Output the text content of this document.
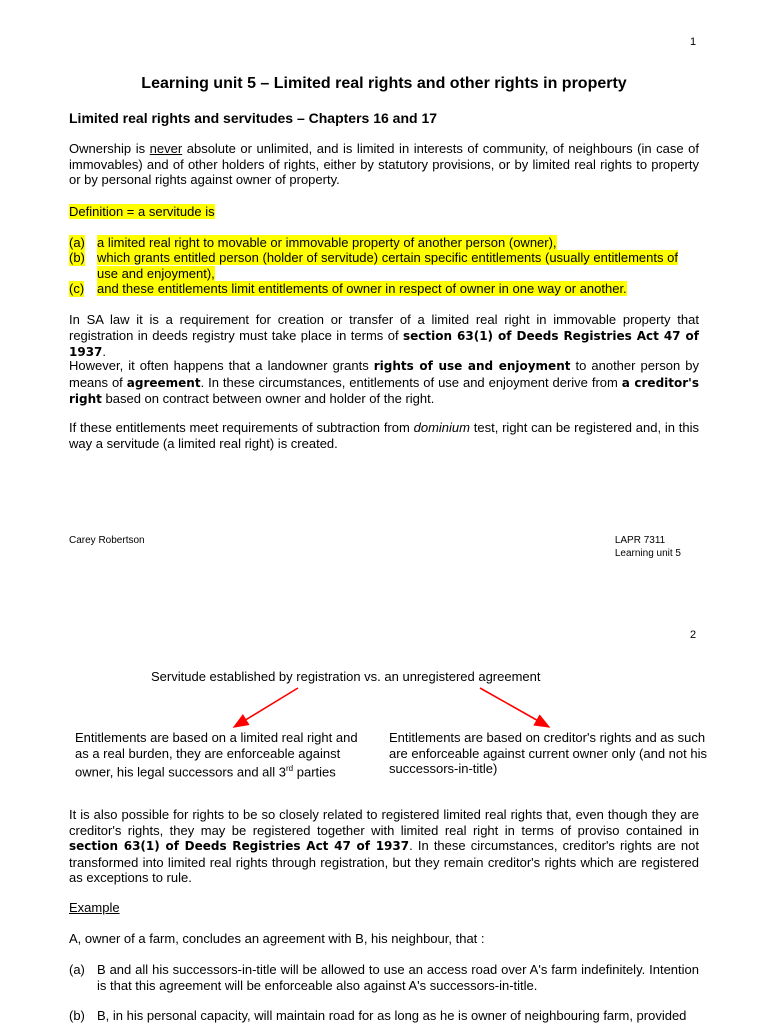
1
Learning unit 5 – Limited real rights and other rights in property
Limited real rights and servitudes – Chapters 16 and 17
Ownership is never absolute or unlimited, and is limited in interests of community, of neighbours (in case of immovables) and of other holders of rights, either by statutory provisions, or by limited real rights to property or by personal rights against owner of property.
Definition = a servitude is
(a) a limited real right to movable or immovable property of another person (owner),
(b) which grants entitled person (holder of servitude) certain specific entitlements (usually entitlements of use and enjoyment),
(c) and these entitlements limit entitlements of owner in respect of owner in one way or another.
In SA law it is a requirement for creation or transfer of a limited real right in immovable property that registration in deeds registry must take place in terms of section 63(1) of Deeds Registries Act 47 of 1937.
However, it often happens that a landowner grants rights of use and enjoyment to another person by means of agreement. In these circumstances, entitlements of use and enjoyment derive from a creditor's right based on contract between owner and holder of the right.
If these entitlements meet requirements of subtraction from dominium test, right can be registered and, in this way a servitude (a limited real right) is created.
Carey Robertson	LAPR 7311
Learning unit 5
2
Servitude established by registration vs. an unregistered agreement
Entitlements are based on a limited real right and as a real burden, they are enforceable against owner, his legal successors and all 3rd parties
Entitlements are based on creditor's rights and as such are enforceable against current owner only (and not his successors-in-title)
It is also possible for rights to be so closely related to registered limited real rights that, even though they are creditor's rights, they may be registered together with limited real right in terms of proviso contained in section 63(1) of Deeds Registries Act 47 of 1937. In these circumstances, creditor's rights are not transformed into limited real rights through registration, but they remain creditor's rights which are registered as exceptions to rule.
Example
A, owner of a farm, concludes an agreement with B, his neighbour, that :
(a) B and all his successors-in-title will be allowed to use an access road over A's farm indefinitely. Intention is that this agreement will be enforceable also against A's successors-in-title.
(b) B, in his personal capacity, will maintain road for as long as he is owner of neighbouring farm, provided
